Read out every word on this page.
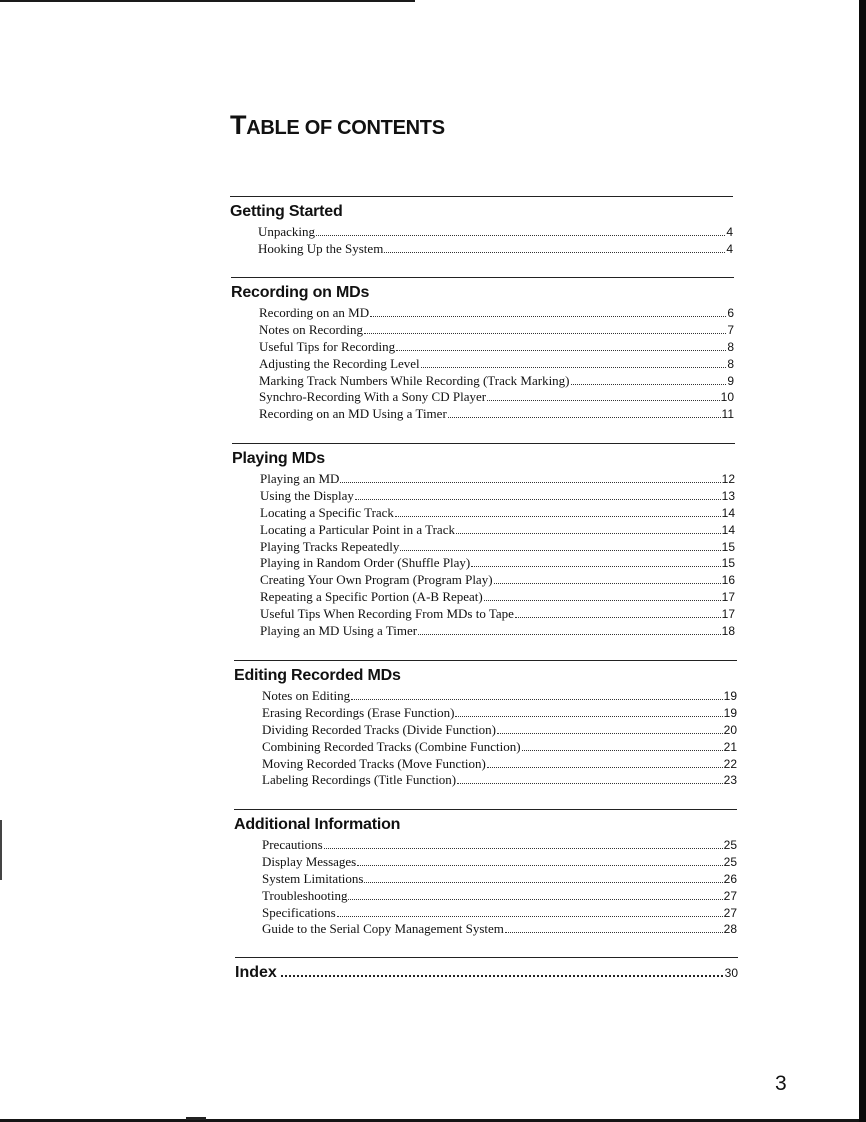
TABLE OF CONTENTS
Getting Started
Unpacking	4
Hooking Up the System	4
Recording on MDs
Recording on an MD	6
Notes on Recording	7
Useful Tips for Recording	8
Adjusting the Recording Level	8
Marking Track Numbers While Recording (Track Marking)	9
Synchro-Recording With a Sony CD Player	10
Recording on an MD Using a Timer	11
Playing MDs
Playing an MD	12
Using the Display	13
Locating a Specific Track	14
Locating a Particular Point in a Track	14
Playing Tracks Repeatedly	15
Playing in Random Order (Shuffle Play)	15
Creating Your Own Program (Program Play)	16
Repeating a Specific Portion (A-B Repeat)	17
Useful Tips When Recording From MDs to Tape	17
Playing an MD Using a Timer	18
Editing Recorded MDs
Notes on Editing	19
Erasing Recordings (Erase Function)	19
Dividing Recorded Tracks (Divide Function)	20
Combining Recorded Tracks (Combine Function)	21
Moving Recorded Tracks (Move Function)	22
Labeling Recordings (Title Function)	23
Additional Information
Precautions	25
Display Messages	25
System Limitations	26
Troubleshooting	27
Specifications	27
Guide to the Serial Copy Management System	28
Index	30
3
